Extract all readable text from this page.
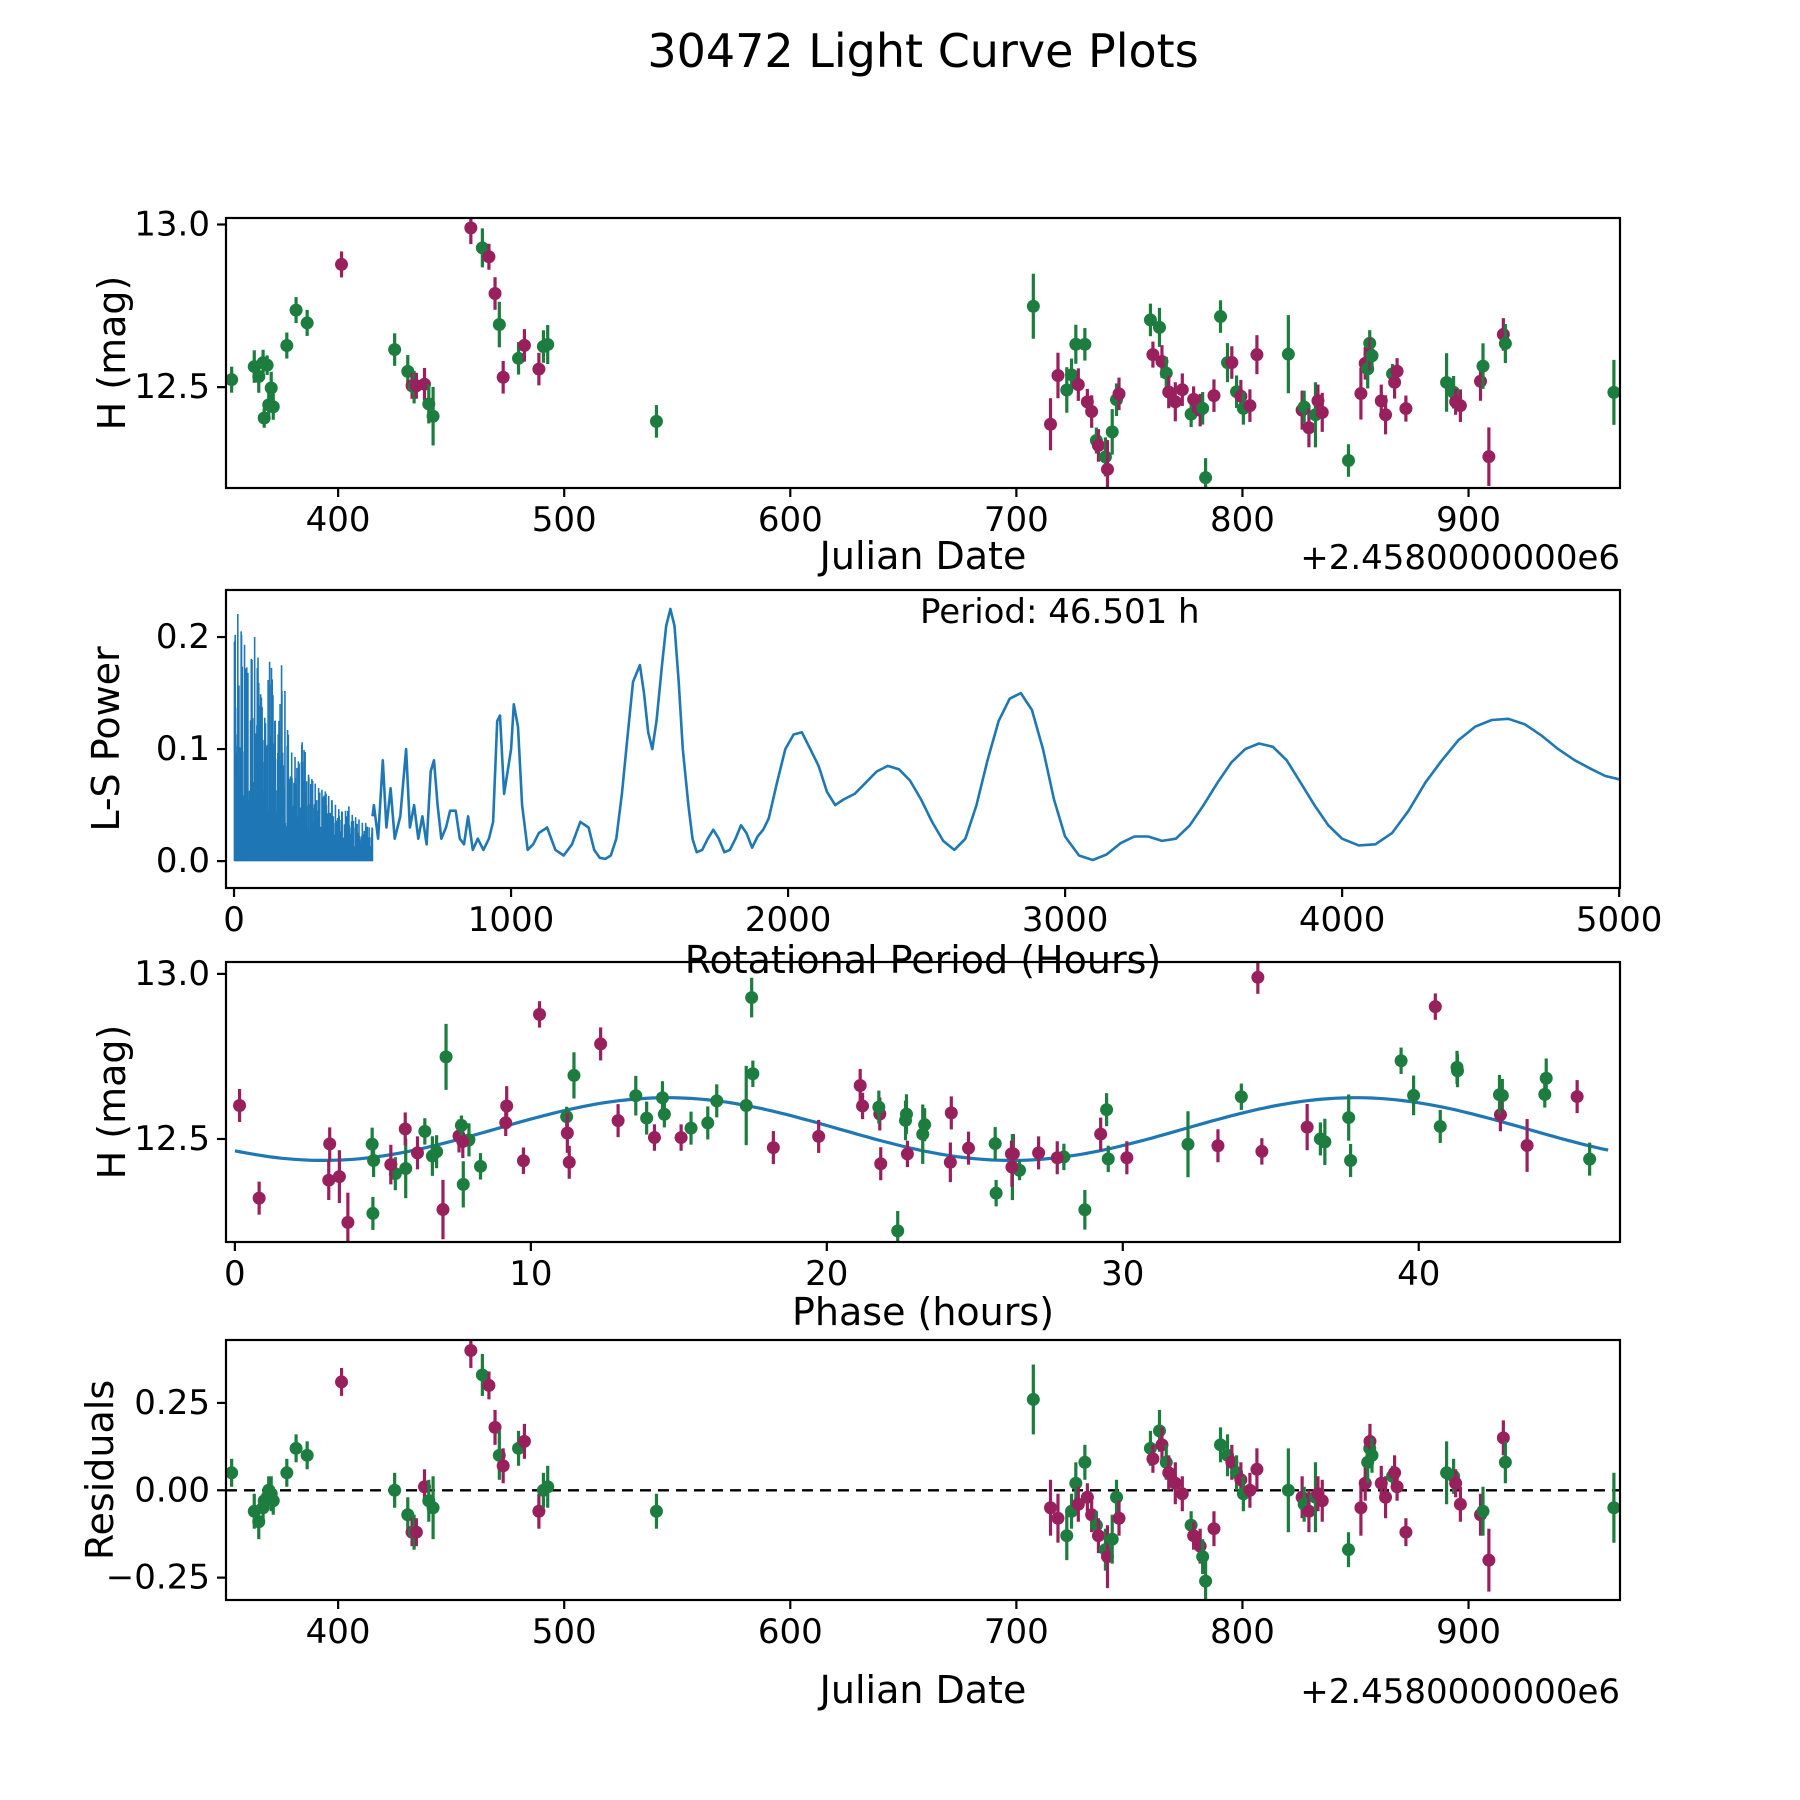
400	500	600	700	800	900
13.0
12.5
0	1000	2000	3000	4000	5000
0.0
0.1
0.2
0	10	20	30	40
13.0
12.5
400	500	600	700	800	900
0.25
0.00
−0.25
30472 Light Curve Plots
H (mag)
L-S Power
H (mag)
Residuals
Julian Date
Rotational Period (Hours)
Phase (hours)
Julian Date
+2.4580000000e6
+2.4580000000e6
Period: 46.501 h
